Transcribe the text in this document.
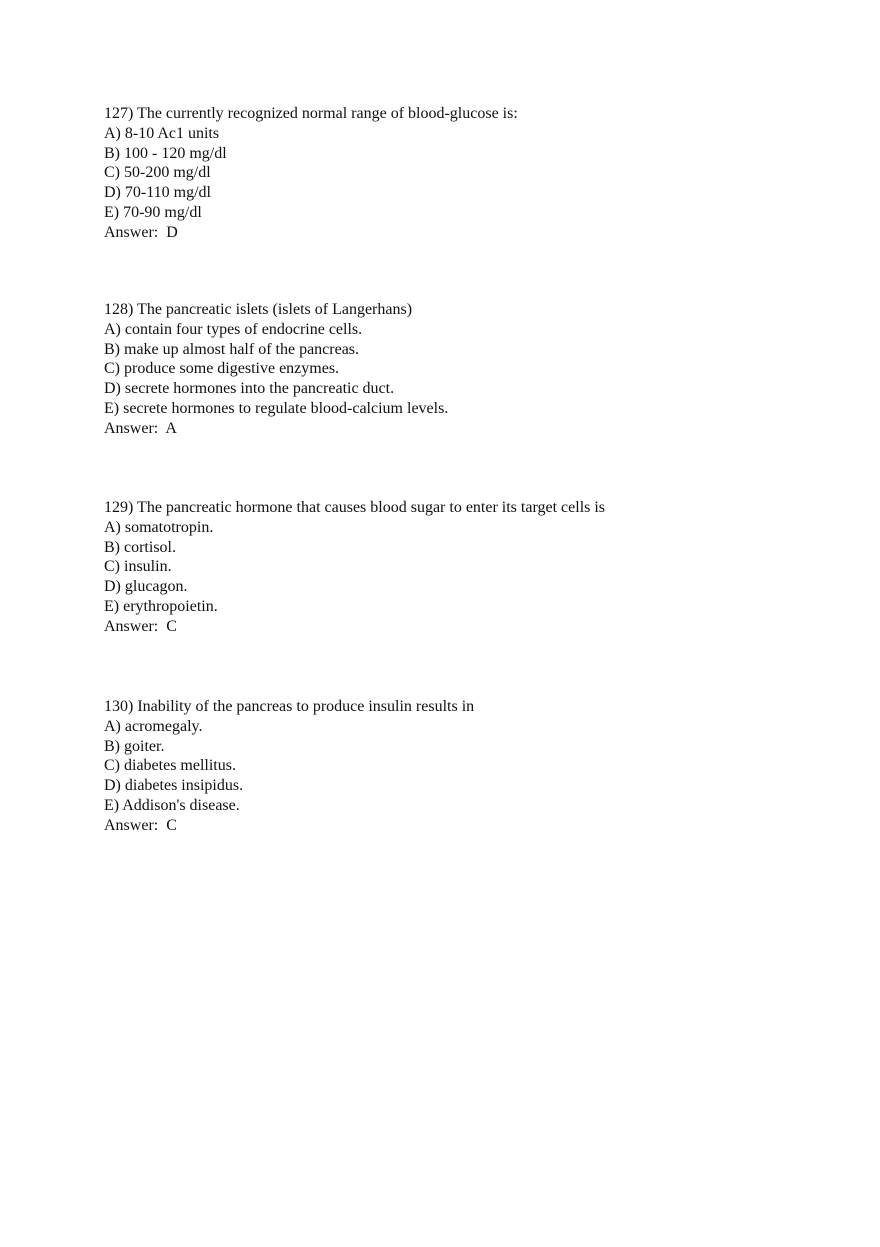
127) The currently recognized normal range of blood-glucose is:
A) 8-10 Ac1 units
B) 100 - 120 mg/dl
C) 50-200 mg/dl
D) 70-110 mg/dl
E) 70-90 mg/dl
Answer:  D
128) The pancreatic islets (islets of Langerhans)
A) contain four types of endocrine cells.
B) make up almost half of the pancreas.
C) produce some digestive enzymes.
D) secrete hormones into the pancreatic duct.
E) secrete hormones to regulate blood-calcium levels.
Answer:  A
129) The pancreatic hormone that causes blood sugar to enter its target cells is
A) somatotropin.
B) cortisol.
C) insulin.
D) glucagon.
E) erythropoietin.
Answer:  C
130) Inability of the pancreas to produce insulin results in
A) acromegaly.
B) goiter.
C) diabetes mellitus.
D) diabetes insipidus.
E) Addison's disease.
Answer:  C
